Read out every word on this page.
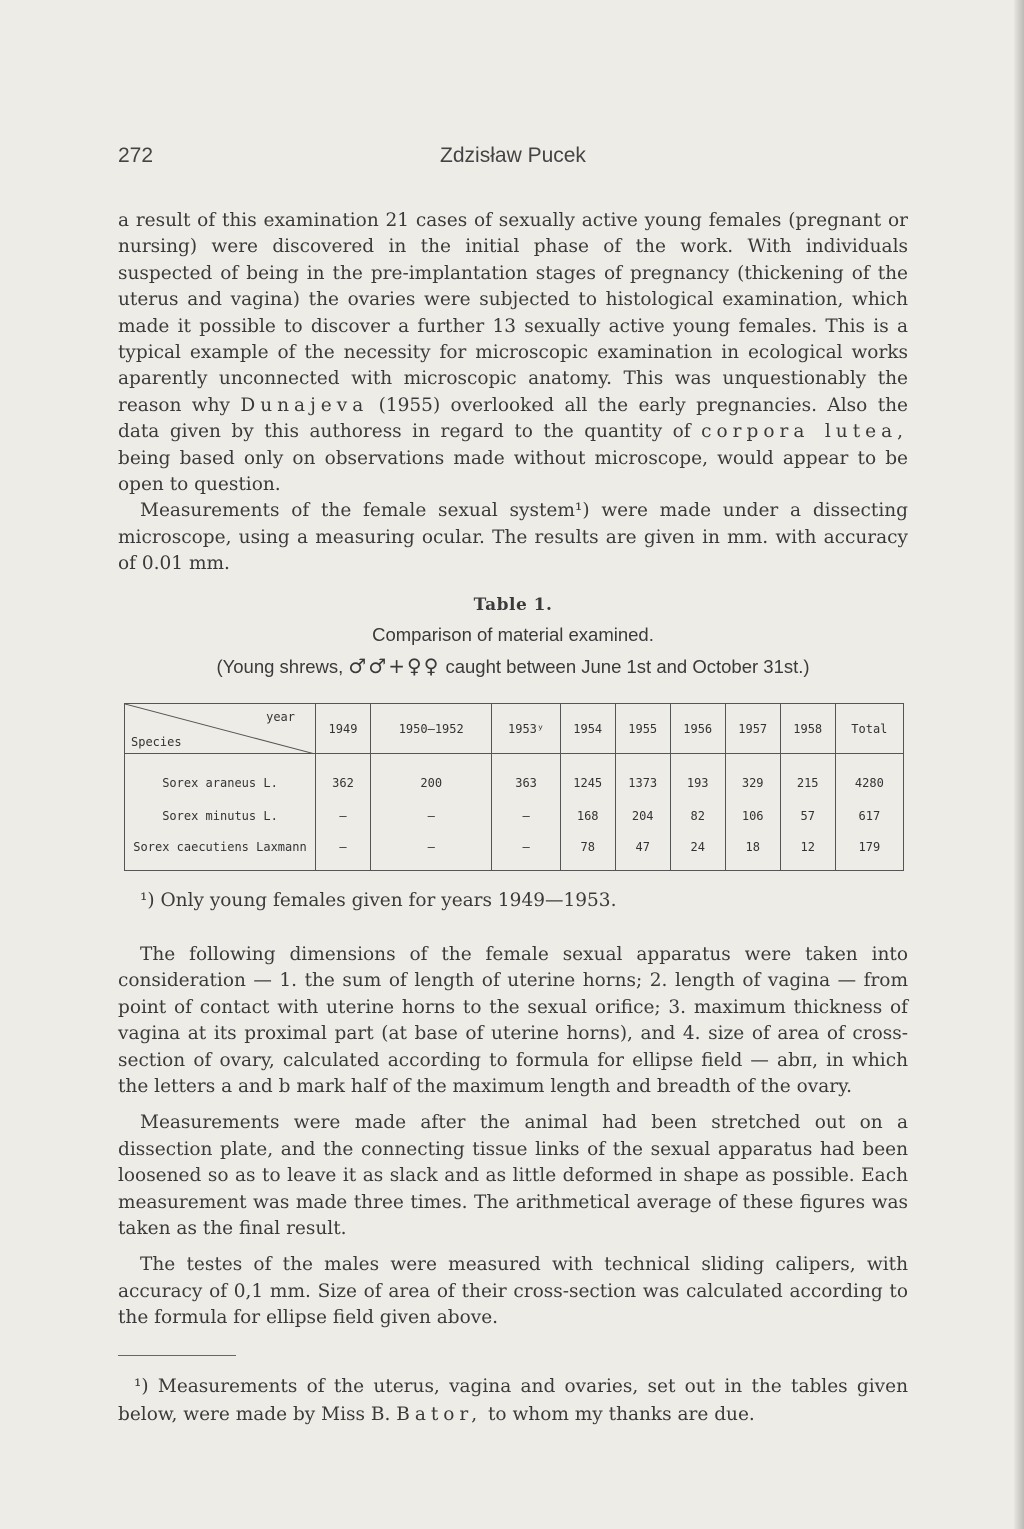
272	Zdzisław Pucek

a result of this examination 21 cases of sexually active young females (pregnant or nursing) were discovered in the initial phase of the work. With individuals suspected of being in the pre-implantation stages of pregnancy (thickening of the uterus and vagina) the ovaries were subjected to histological examination, which made it possible to discover a further 13 sexually active young females. This is a typical example of the necessity for microscopic examination in ecological works aparently unconnected with microscopic anatomy. This was unquestionably the reason why Dunajeva (1955) overlooked all the early pregnancies. Also the data given by this authoress in regard to the quantity of corpora lutea, being based only on observations made without microscope, would appear to be open to question.

Measurements of the female sexual system¹) were made under a dissecting microscope, using a measuring ocular. The results are given in mm. with accuracy of 0.01 mm.

Table 1.
Comparison of material examined.
(Young shrews, ♂♂+♀♀ caught between June 1st and October 31st.)
year
Species	1949	1950–1952	1953ʸ	1954	1955	1956	1957	1958	Total
Sorex araneus L.	362	200	363	1245	1373	193	329	215	4280
Sorex minutus L.	–	–	–	168	204	82	106	57	617
Sorex caecutiens Laxmann	–	–	–	78	47	24	18	12	179
¹) Only young females given for years 1949—1953.

The following dimensions of the female sexual apparatus were taken into consideration — 1. the sum of length of uterine horns; 2. length of vagina — from point of contact with uterine horns to the sexual orifice; 3. maximum thickness of vagina at its proximal part (at base of uterine horns), and 4. size of area of cross-section of ovary, calculated according to formula for ellipse field — abπ, in which the letters a and b mark half of the maximum length and breadth of the ovary.

Measurements were made after the animal had been stretched out on a dissection plate, and the connecting tissue links of the sexual apparatus had been loosened so as to leave it as slack and as little deformed in shape as possible. Each measurement was made three times. The arithmetical average of these figures was taken as the final result.

The testes of the males were measured with technical sliding calipers, with accuracy of 0,1 mm. Size of area of their cross-section was calculated according to the formula for ellipse field given above.

¹) Measurements of the uterus, vagina and ovaries, set out in the tables given below, were made by Miss B. Bator, to whom my thanks are due.
